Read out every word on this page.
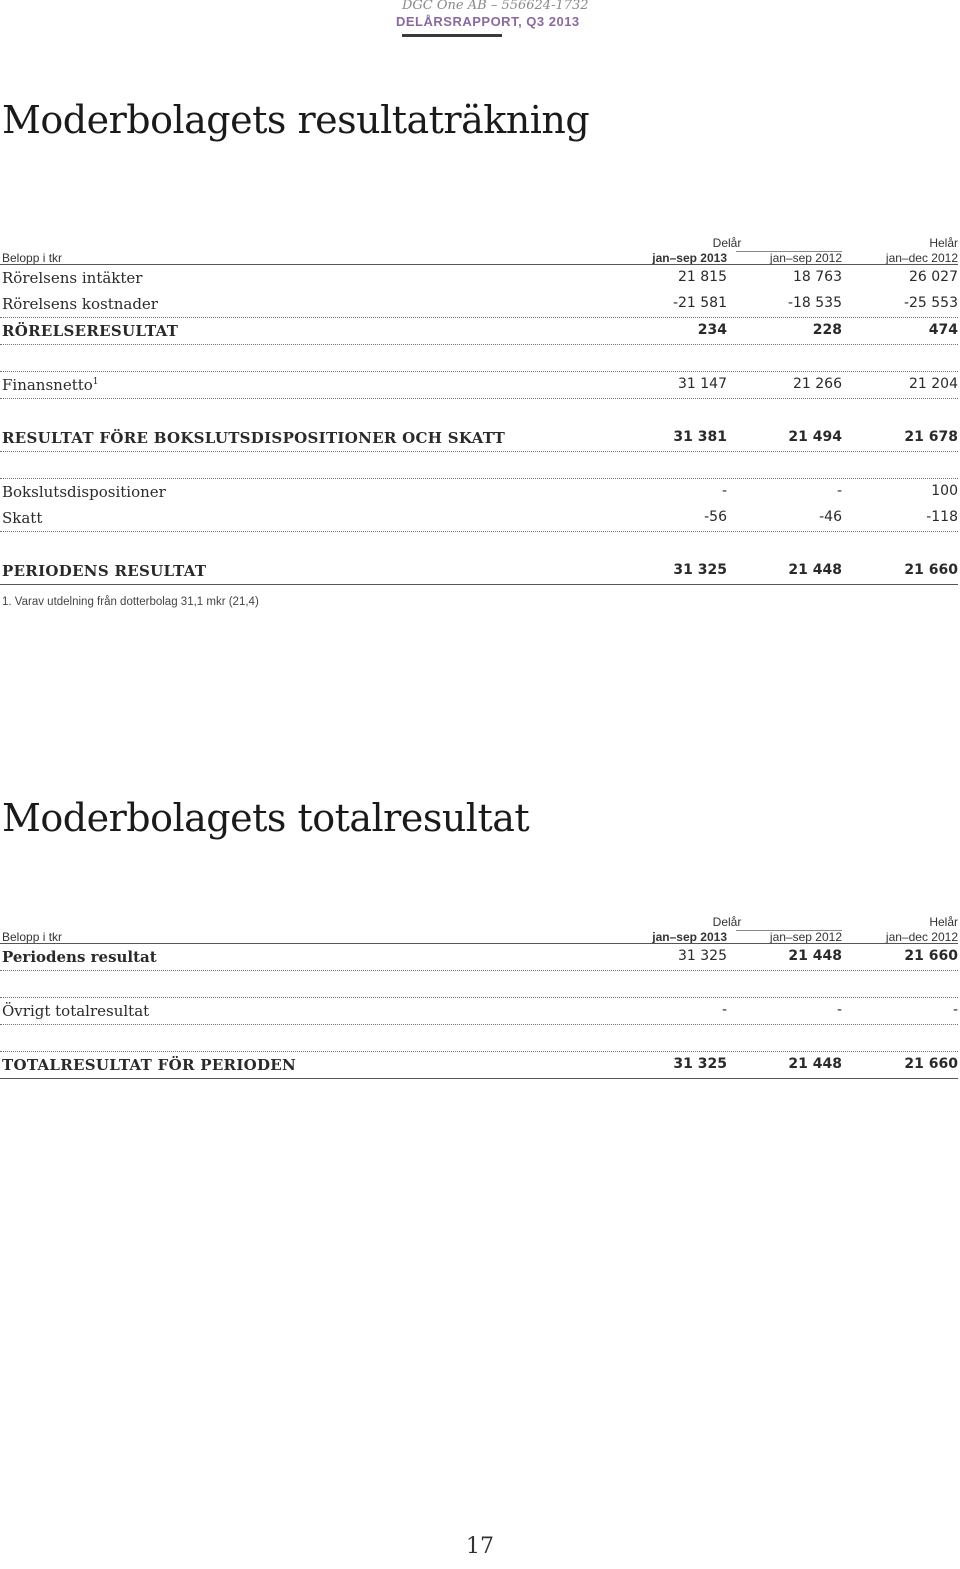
DGC One AB – 556624-1732
DELÅRSRAPPORT, Q3 2013
Moderbolagets resultaträkning
Delår	Helår
Belopp i tkr	jan–sep 2013	jan–sep 2012	jan–dec 2012
Rörelsens intäkter	21 815	18 763	26 027
Rörelsens kostnader	-21 581	-18 535	-25 553
RÖRELSERESULTAT	234	228	474
Finansnetto$^1$	31 147	21 266	21 204
RESULTAT FÖRE BOKSLUTSDISPOSITIONER OCH SKATT	31 381	21 494	21 678
Bokslutsdispositioner	-	-	100
Skatt	-56	-46	-118
PERIODENS RESULTAT	31 325	21 448	21 660
1. Varav utdelning från dotterbolag 31,1 mkr (21,4)
Moderbolagets totalresultat
Delår	Helår
Belopp i tkr	jan–sep 2013	jan–sep 2012	jan–dec 2012
Periodens resultat	31 325	21 448	21 660
Övrigt totalresultat	-	-	-
TOTALRESULTAT FÖR PERIODEN	31 325	21 448	21 660
17
